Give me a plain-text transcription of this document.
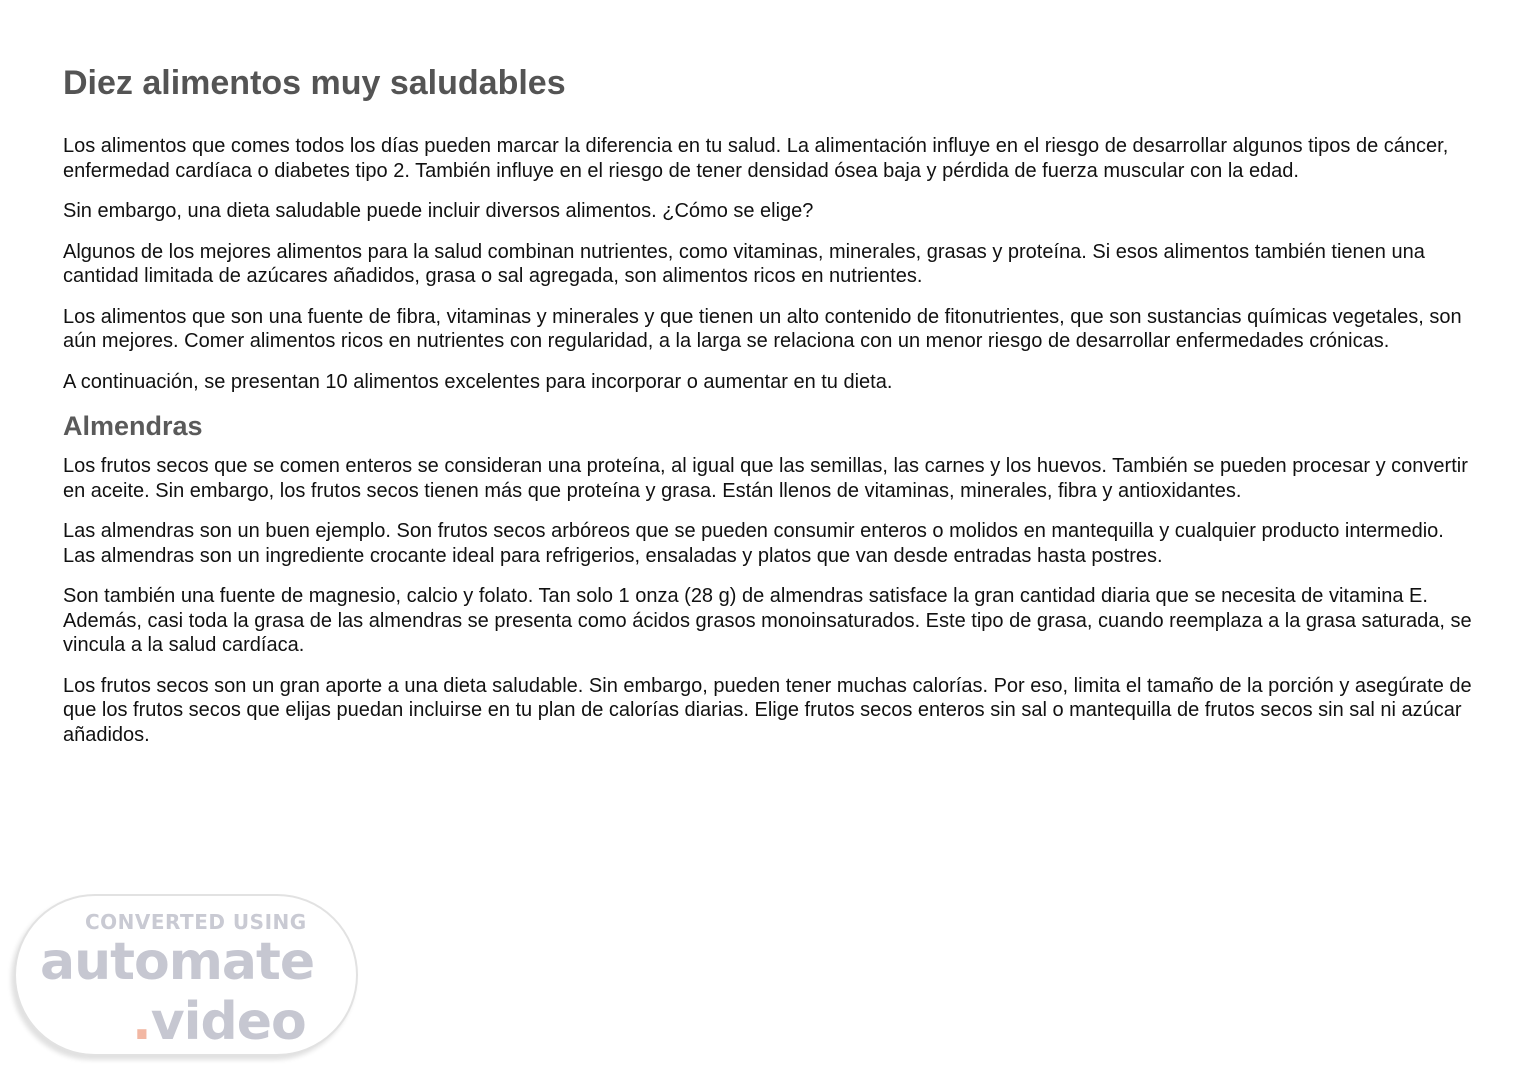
Diez alimentos muy saludables

Los alimentos que comes todos los días pueden marcar la diferencia en tu salud. La alimentación influye en el riesgo de desarrollar algunos tipos de cáncer, enfermedad cardíaca o diabetes tipo 2. También influye en el riesgo de tener densidad ósea baja y pérdida de fuerza muscular con la edad.

Sin embargo, una dieta saludable puede incluir diversos alimentos. ¿Cómo se elige?

Algunos de los mejores alimentos para la salud combinan nutrientes, como vitaminas, minerales, grasas y proteína. Si esos alimentos también tienen una cantidad limitada de azúcares añadidos, grasa o sal agregada, son alimentos ricos en nutrientes.

Los alimentos que son una fuente de fibra, vitaminas y minerales y que tienen un alto contenido de fitonutrientes, que son sustancias químicas vegetales, son aún mejores. Comer alimentos ricos en nutrientes con regularidad, a la larga se relaciona con un menor riesgo de desarrollar enfermedades crónicas.

A continuación, se presentan 10 alimentos excelentes para incorporar o aumentar en tu dieta.

Almendras

Los frutos secos que se comen enteros se consideran una proteína, al igual que las semillas, las carnes y los huevos. También se pueden procesar y convertir en aceite. Sin embargo, los frutos secos tienen más que proteína y grasa. Están llenos de vitaminas, minerales, fibra y antioxidantes.

Las almendras son un buen ejemplo. Son frutos secos arbóreos que se pueden consumir enteros o molidos en mantequilla y cualquier producto intermedio. Las almendras son un ingrediente crocante ideal para refrigerios, ensaladas y platos que van desde entradas hasta postres.

Son también una fuente de magnesio, calcio y folato. Tan solo 1 onza (28 g) de almendras satisface la gran cantidad diaria que se necesita de vitamina E. Además, casi toda la grasa de las almendras se presenta como ácidos grasos monoinsaturados. Este tipo de grasa, cuando reemplaza a la grasa saturada, se vincula a la salud cardíaca.

Los frutos secos son un gran aporte a una dieta saludable. Sin embargo, pueden tener muchas calorías. Por eso, limita el tamaño de la porción y asegúrate de que los frutos secos que elijas puedan incluirse en tu plan de calorías diarias. Elige frutos secos enteros sin sal o mantequilla de frutos secos sin sal ni azúcar añadidos.

CONVERTED USING
automate
.video
